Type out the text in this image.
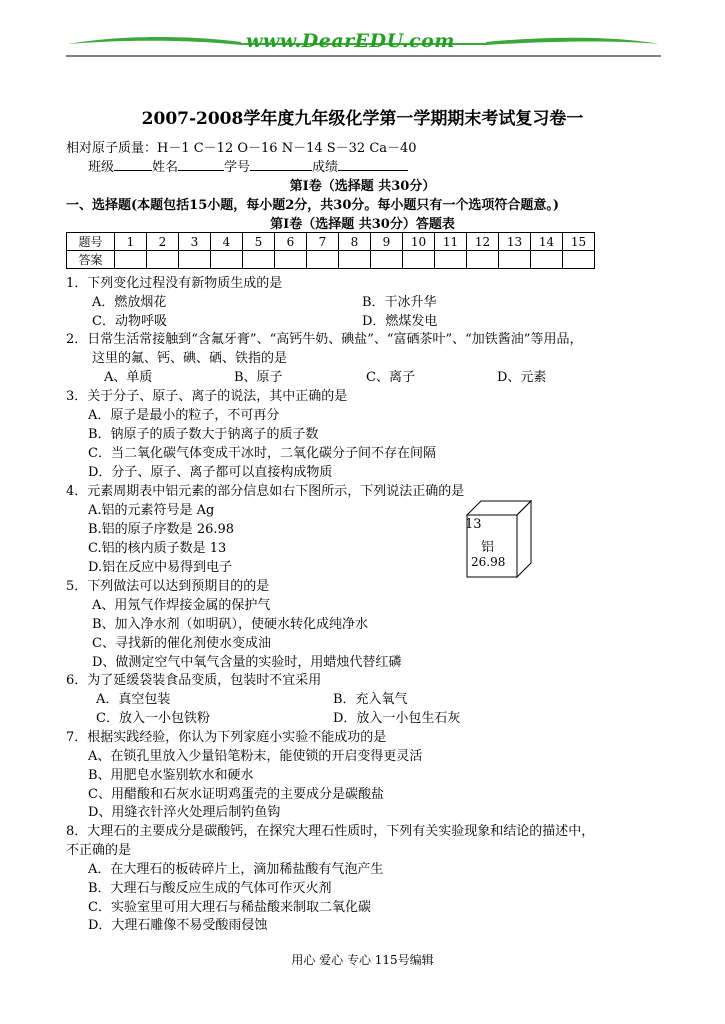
www.DearEDU.com
2007-2008学年度九年级化学第一学期期末考试复习卷一
相对原子质量：H－1 C－12 O－16 N－14 S－32 Ca－40
班级	姓名	学号	成绩
第Ⅰ卷（选择题 共30分）
一、选择题(本题包括15小题，每小题2分，共30分。每小题只有一个选项符合题意。)
第Ⅰ卷（选择题 共30分）答题表
题号	1	2	3	4	5	6	7	8	9	10	11	12	13	14	15
答案															
1．下列变化过程没有新物质生成的是
A．燃放烟花	B．干冰升华
C．动物呼吸	D．燃煤发电
2．日常生活常接触到“含氟牙膏”、“高钙牛奶、碘盐”、“富硒茶叶”、“加铁酱油”等用品，
这里的氟、钙、碘、硒、铁指的是
A、单质	B、原子	C、离子	D、元素
3．关于分子、原子、离子的说法，其中正确的是
A．原子是最小的粒子，不可再分
B．钠原子的质子数大于钠离子的质子数
C．当二氧化碳气体变成干冰时，二氧化碳分子间不存在间隔
D．分子、原子、离子都可以直接构成物质
4．元素周期表中铝元素的部分信息如右下图所示，下列说法正确的是
A.铝的元素符号是 Ag
B.铝的原子序数是 26.98
C.铝的核内质子数是 13
D.铝在反应中易得到电子
13
铝
26.98
5．下列做法可以达到预期目的的是
A、用氖气作焊接金属的保护气
B、加入净水剂（如明矾），使硬水转化成纯净水
C、寻找新的催化剂使水变成油
D、做测定空气中氧气含量的实验时，用蜡烛代替红磷
6．为了延缓袋装食品变质，包装时不宜采用
A．真空包装	B．充入氧气
C．放入一小包铁粉	D．放入一小包生石灰
7．根据实践经验，你认为下列家庭小实验不能成功的是
A、在锁孔里放入少量铅笔粉末，能使锁的开启变得更灵活
B、用肥皂水鉴别软水和硬水
C、用醋酸和石灰水证明鸡蛋壳的主要成分是碳酸盐
D、用缝衣针淬火处理后制钓鱼钩
8．大理石的主要成分是碳酸钙，在探究大理石性质时，下列有关实验现象和结论的描述中，
不正确的是
A．在大理石的板砖碎片上，滴加稀盐酸有气泡产生
B．大理石与酸反应生成的气体可作灭火剂
C．实验室里可用大理石与稀盐酸来制取二氧化碳
D．大理石雕像不易受酸雨侵蚀
用心 爱心 专心 115号编辑
